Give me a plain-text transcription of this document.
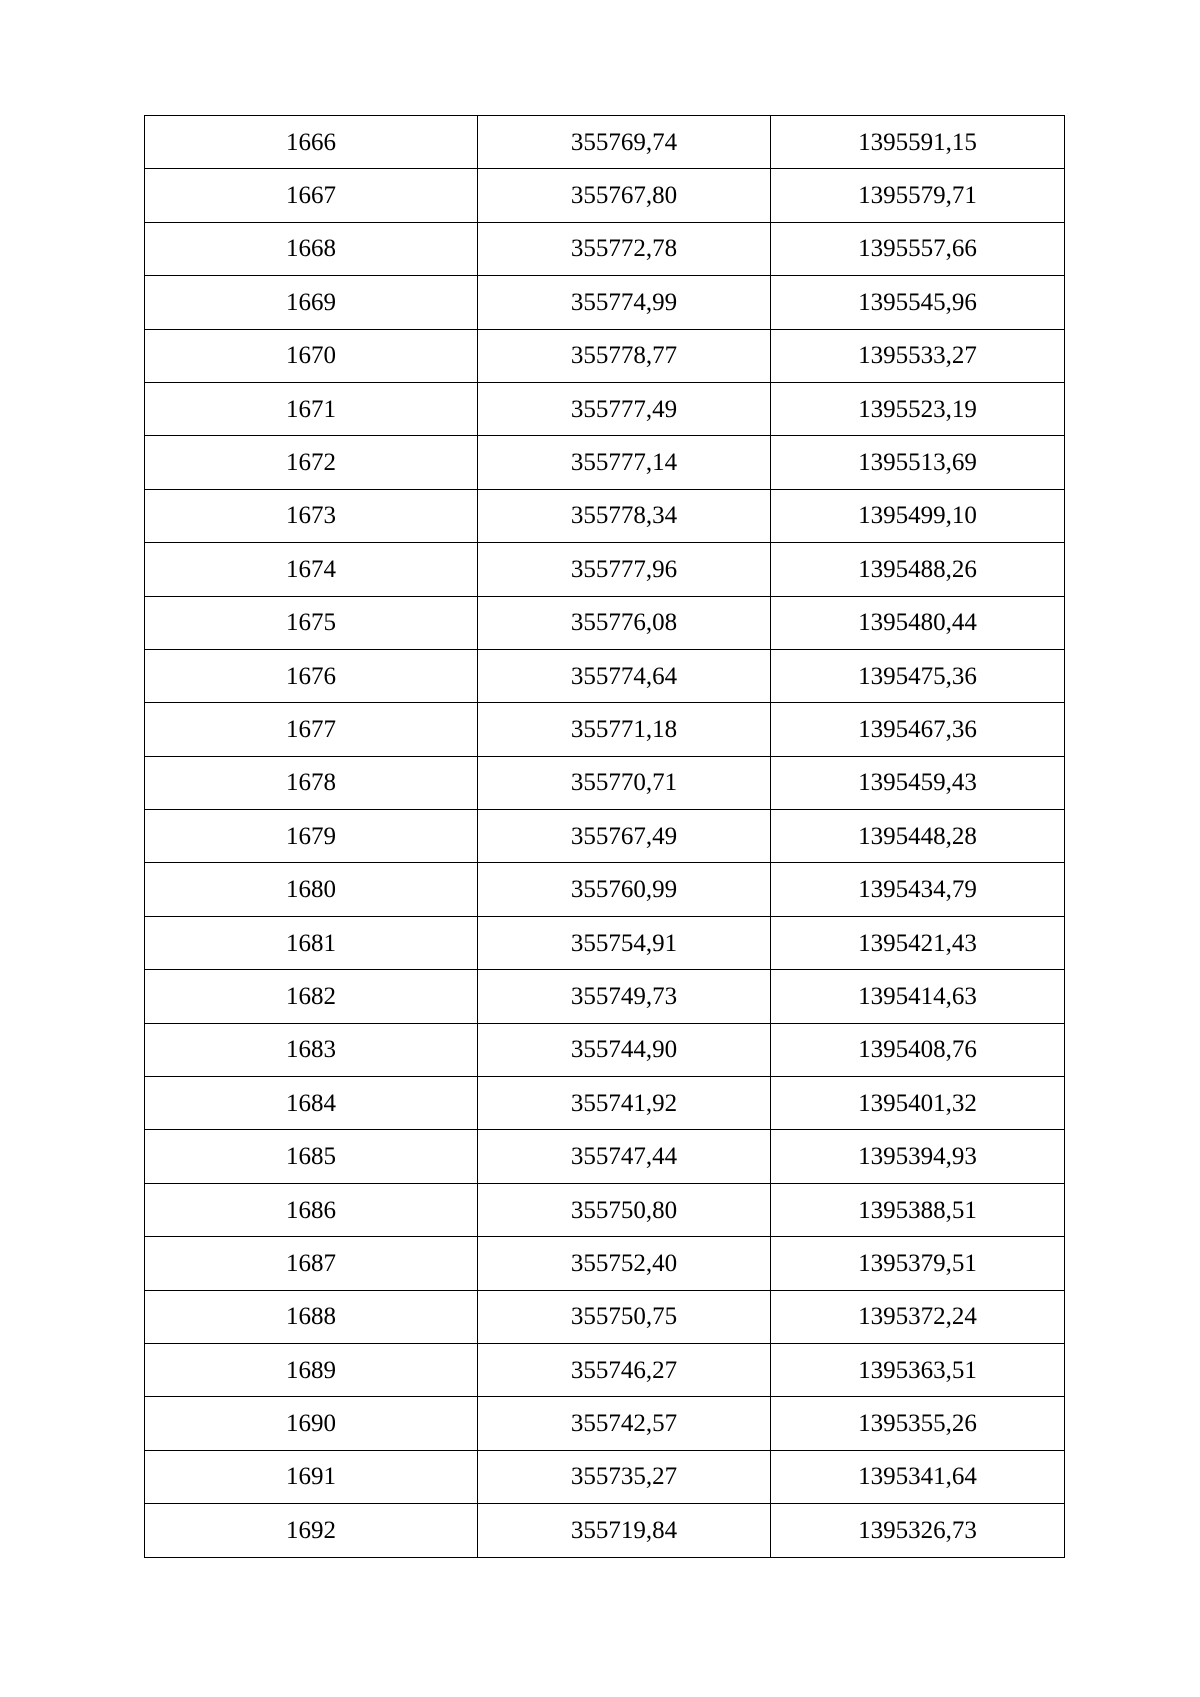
1666	355769,74	1395591,15
1667	355767,80	1395579,71
1668	355772,78	1395557,66
1669	355774,99	1395545,96
1670	355778,77	1395533,27
1671	355777,49	1395523,19
1672	355777,14	1395513,69
1673	355778,34	1395499,10
1674	355777,96	1395488,26
1675	355776,08	1395480,44
1676	355774,64	1395475,36
1677	355771,18	1395467,36
1678	355770,71	1395459,43
1679	355767,49	1395448,28
1680	355760,99	1395434,79
1681	355754,91	1395421,43
1682	355749,73	1395414,63
1683	355744,90	1395408,76
1684	355741,92	1395401,32
1685	355747,44	1395394,93
1686	355750,80	1395388,51
1687	355752,40	1395379,51
1688	355750,75	1395372,24
1689	355746,27	1395363,51
1690	355742,57	1395355,26
1691	355735,27	1395341,64
1692	355719,84	1395326,73
